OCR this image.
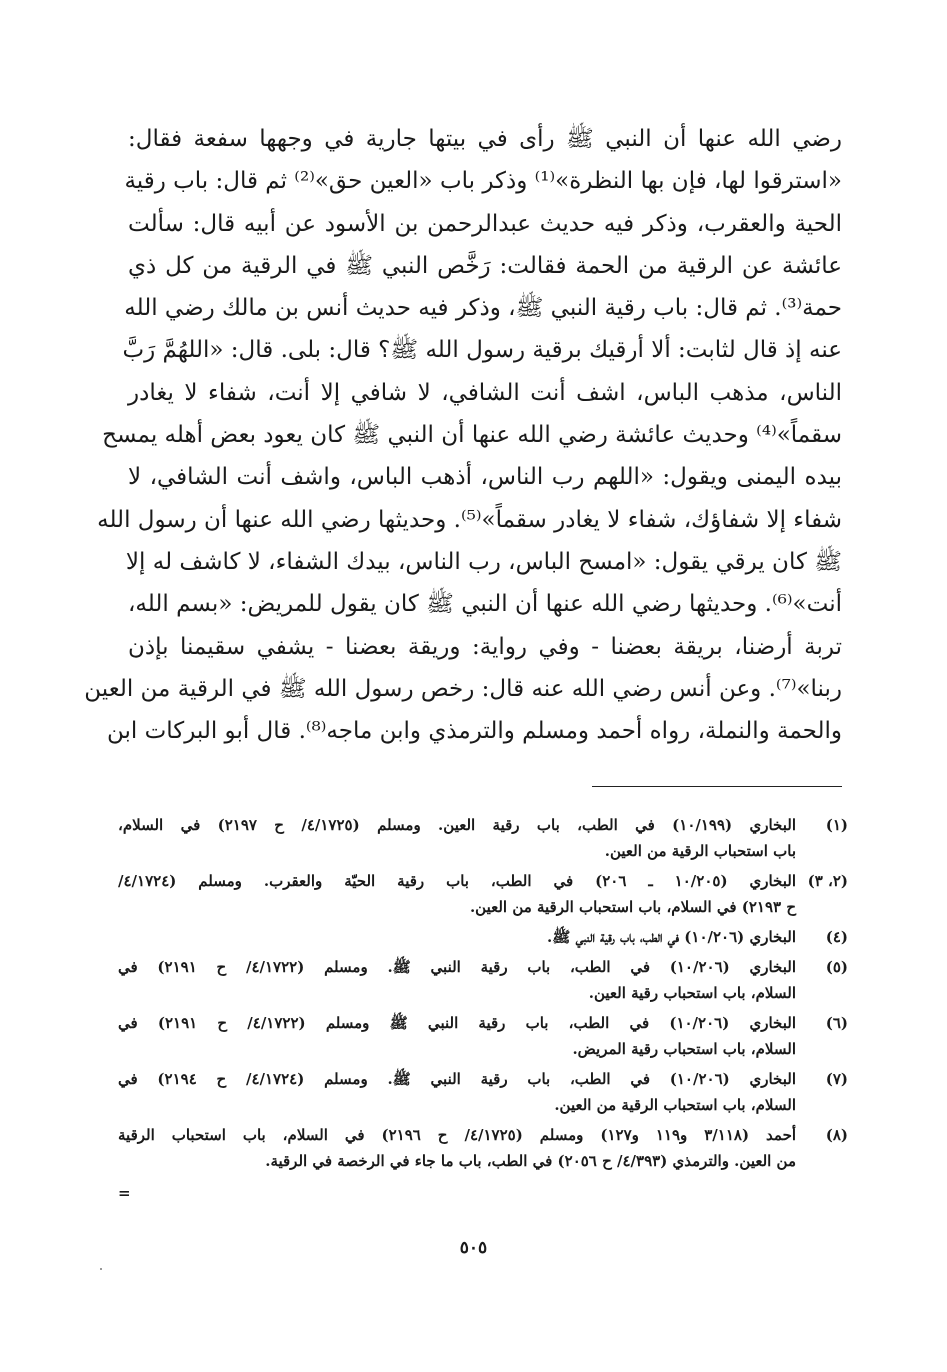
رضي الله عنها أن النبي ﷺ رأى في بيتها جارية في وجهها سفعة فقال:
«استرقوا لها، فإن بها النظرة»⁽¹⁾ وذكر باب «العين حق»⁽²⁾ ثم قال: باب رقية
الحية والعقرب، وذكر فيه حديث عبدالرحمن بن الأسود عن أبيه قال: سألت
عائشة عن الرقية من الحمة فقالت: رَخَّص النبي ﷺ في الرقية من كل ذي
حمة⁽³⁾. ثم قال: باب رقية النبي ﷺ، وذكر فيه حديث أنس بن مالك رضي الله
عنه إذ قال لثابت: ألا أرقيك برقية رسول الله ﷺ؟ قال: بلى. قال: «اللهُمَّ رَبَّ
الناس، مذهب الباس، اشف أنت الشافي، لا شافي إلا أنت، شفاء لا يغادر
سقماً»⁽⁴⁾ وحديث عائشة رضي الله عنها أن النبي ﷺ كان يعود بعض أهله يمسح
بيده اليمنى ويقول: «اللهم رب الناس، أذهب الباس، واشف أنت الشافي، لا
شفاء إلا شفاؤك، شفاء لا يغادر سقماً»⁽⁵⁾. وحديثها رضي الله عنها أن رسول الله
ﷺ كان يرقي يقول: «امسح الباس، رب الناس، بيدك الشفاء، لا كاشف له إلا
أنت»⁽⁶⁾. وحديثها رضي الله عنها أن النبي ﷺ كان يقول للمريض: «بسم الله،
تربة أرضنا، بريقة بعضنا - وفي رواية: وريقة بعضنا - يشفي سقيمنا بإذن
ربنا»⁽⁷⁾. وعن أنس رضي الله عنه قال: رخص رسول الله ﷺ في الرقية من العين
والحمة والنملة، رواه أحمد ومسلم والترمذي وابن ماجه⁽⁸⁾. قال أبو البركات ابن
(١)
البخاري (١٠/١٩٩) في الطب، باب رقية العين. ومسلم (٤/١٧٢٥/ ح ٢١٩٧) في السلام،
باب استحباب الرقية من العين.
(٢، ٣)
البخاري (١٠/٢٠٥ ـ ٢٠٦) في الطب، باب رقية الحيّة والعقرب. ومسلم (٤/١٧٢٤/
ح ٢١٩٣) في السلام، باب استحباب الرقية من العين.
(٤)
البخاري (١٠/٢٠٦) في الطب، باب رقية النبي ﷺ.
(٥)
البخاري (١٠/٢٠٦) في الطب، باب رقية النبي ﷺ. ومسلم (٤/١٧٢٢/ ح ٢١٩١) في
السلام، باب استحباب رقية العين.
(٦)
البخاري (١٠/٢٠٦) في الطب، باب رقية النبي ﷺ ومسلم (٤/١٧٢٢/ ح ٢١٩١) في
السلام، باب استحباب رقية المريض.
(٧)
البخاري (١٠/٢٠٦) في الطب، باب رقية النبي ﷺ. ومسلم (٤/١٧٢٤/ ح ٢١٩٤) في
السلام، باب استحباب الرقية من العين.
(٨)
أحمد (٣/١١٨ و١١٩ و١٢٧) ومسلم (٤/١٧٢٥/ ح ٢١٩٦) في السلام، باب استحباب الرقية
من العين. والترمذي (٤/٣٩٣/ ح ٢٠٥٦) في الطب، باب ما جاء في الرخصة في الرقية.
=
٥٠٥
